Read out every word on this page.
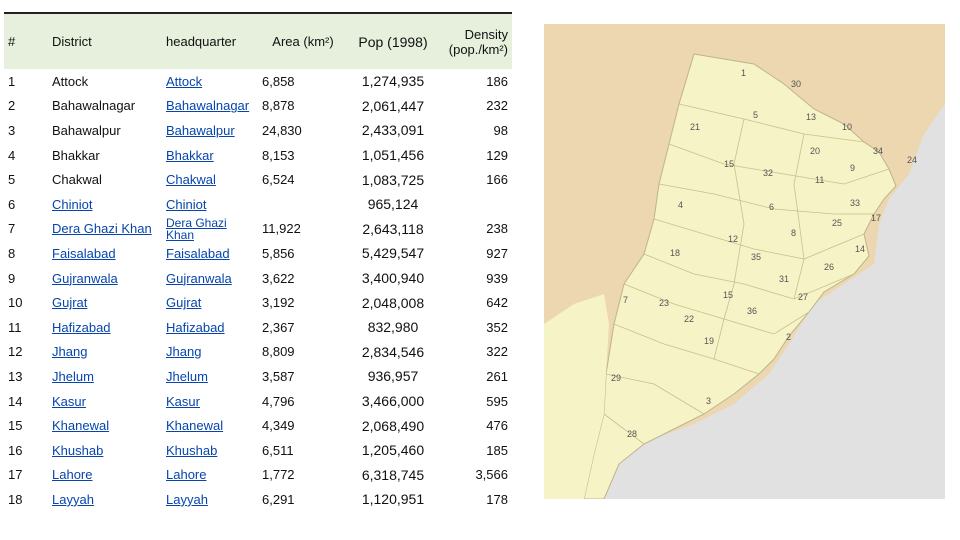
#	District	headquarter	Area (km²)	Pop (1998)	Density (pop./km²)
1	Attock	Attock	6,858	1,274,935	186
2	Bahawalnagar	Bahawalnagar	8,878	2,061,447	232
3	Bahawalpur	Bahawalpur	24,830	2,433,091	98
4	Bhakkar	Bhakkar	8,153	1,051,456	129
5	Chakwal	Chakwal	6,524	1,083,725	166
6	Chiniot	Chiniot		965,124	
7	Dera Ghazi Khan	Dera Ghazi Khan	11,922	2,643,118	238
8	Faisalabad	Faisalabad	5,856	5,429,547	927
9	Gujranwala	Gujranwala	3,622	3,400,940	939
10	Gujrat	Gujrat	3,192	2,048,008	642
11	Hafizabad	Hafizabad	2,367	832,980	352
12	Jhang	Jhang	8,809	2,834,546	322
13	Jhelum	Jhelum	3,587	936,957	261
14	Kasur	Kasur	4,796	3,466,000	595
15	Khanewal	Khanewal	4,349	2,068,490	476
16	Khushab	Khushab	6,511	1,205,460	185
17	Lahore	Lahore	1,772	6,318,745	3,566
18	Layyah	Layyah	6,291	1,120,951	178
1
30
5	13
10
21
20	34
24
15
32	9
11
4	6	33
25	17
12
8
14
18	35
26
31
7	23
15	27
22
36
19	2
29
3
28
